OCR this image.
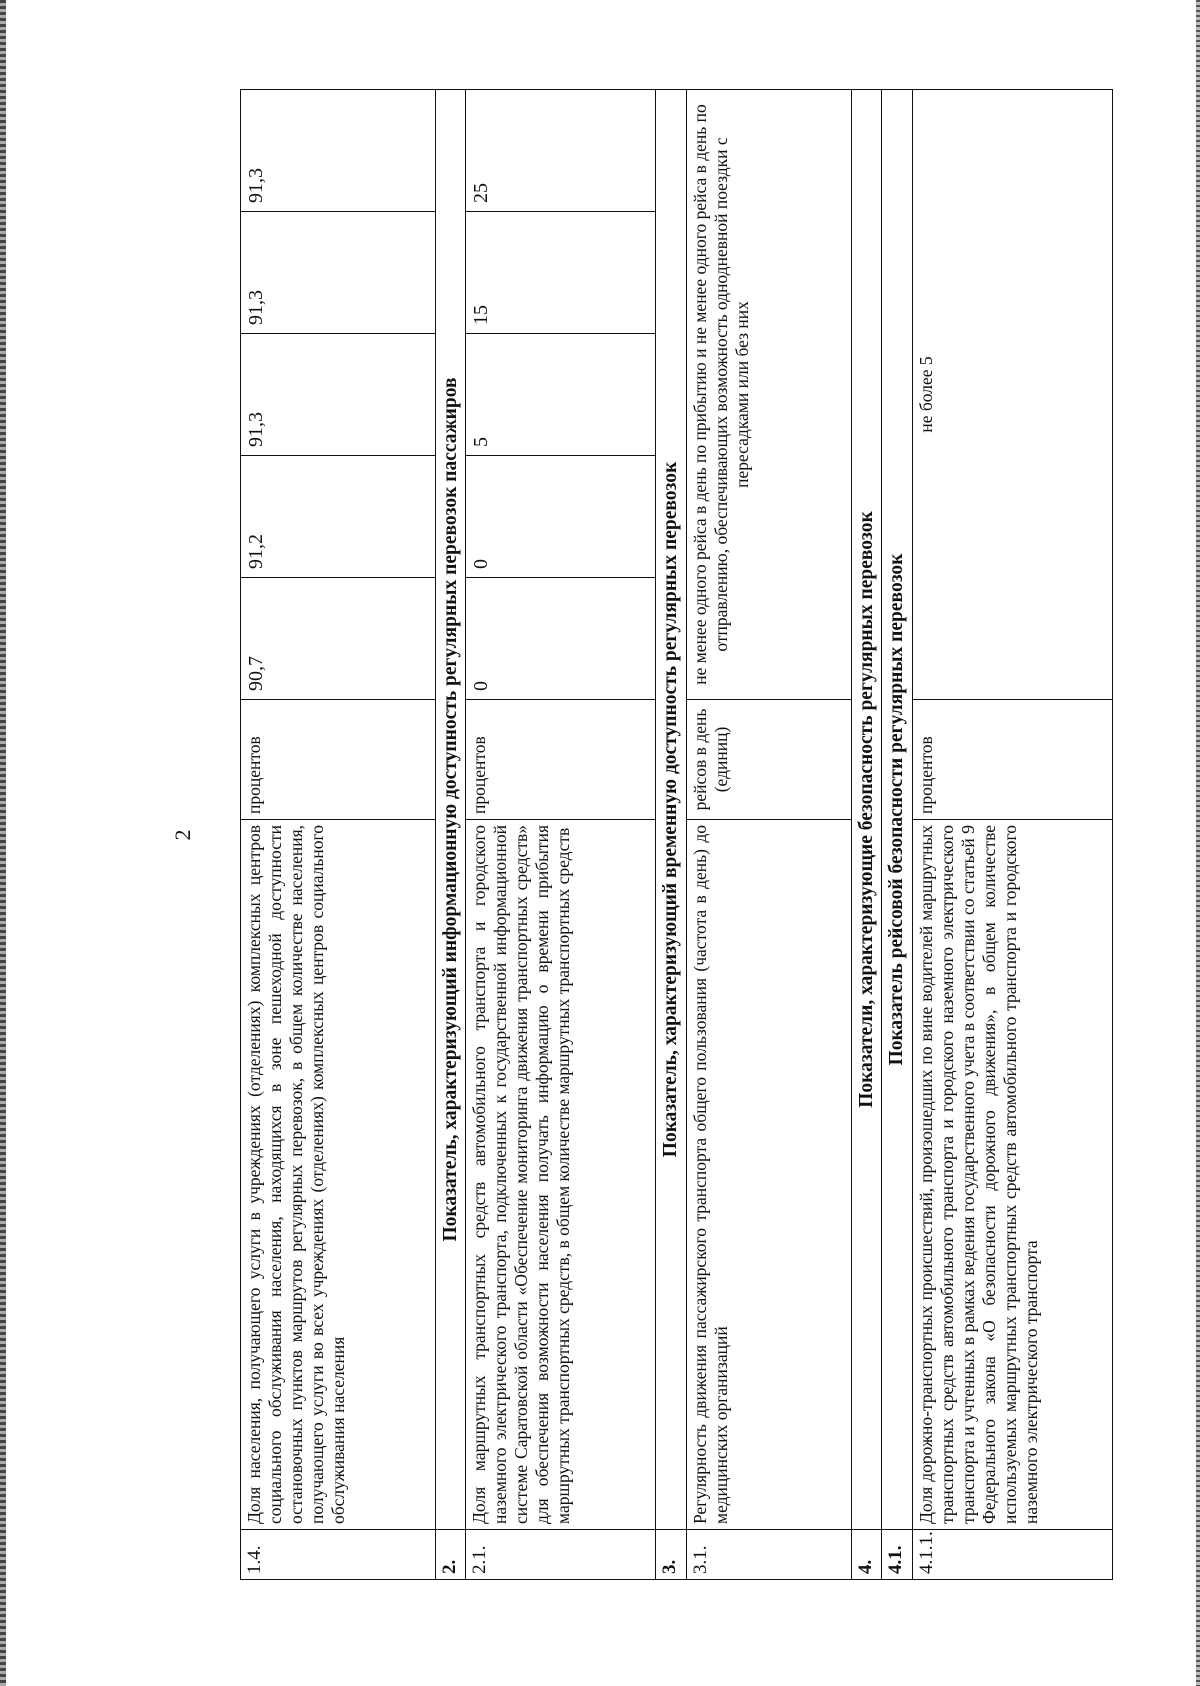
2
1.4.	Доля населения, получающего услуги в учреждениях (отделениях) комплексных центров социального обслуживания населения, находящихся в зоне пешеходной доступности остановочных пунктов маршрутов регулярных перевозок, в общем количестве населения, получающего услуги во всех учреждениях (отделениях) комплексных центров социального обслуживания населения	процентов	90,7	91,2	91,3	91,3	91,3
2.	Показатель, характеризующий информационную доступность регулярных перевозок пассажиров						
2.1.	Доля маршрутных транспортных средств автомобильного транспорта и городского наземного электрического транспорта, подключенных к государственной информационной системе Саратовской области «Обеспечение мониторинга движения транспортных средств» для обеспечения возможности населения получать информацию о времени прибытия маршрутных транспортных средств, в общем количестве маршрутных транспортных средств	процентов	0	0	5	15	25
3.	Показатель, характеризующий временную доступность регулярных перевозок						
3.1.	Регулярность движения пассажирского транспорта общего пользования (частота в день) до медицинских организаций	рейсов в день (единиц)	не менее одного рейса в день по прибытию и не менее одного рейса в день по отправлению, обеспечивающих возможность однодневной поездки с пересадками или без них				
4.	Показатели, характеризующие безопасность регулярных перевозок						
4.1.	Показатель рейсовой безопасности регулярных перевозок						
4.1.1.	Доля дорожно-транспортных происшествий, произошедших по вине водителей маршрутных транспортных средств автомобильного транспорта и городского наземного электрического транспорта и учтенных в рамках ведения государственного учета в соответствии со статьей 9 Федерального закона «О безопасности дорожного движения», в общем количестве используемых маршрутных транспортных средств автомобильного транспорта и городского наземного электрического транспорта	процентов	не более 5				
